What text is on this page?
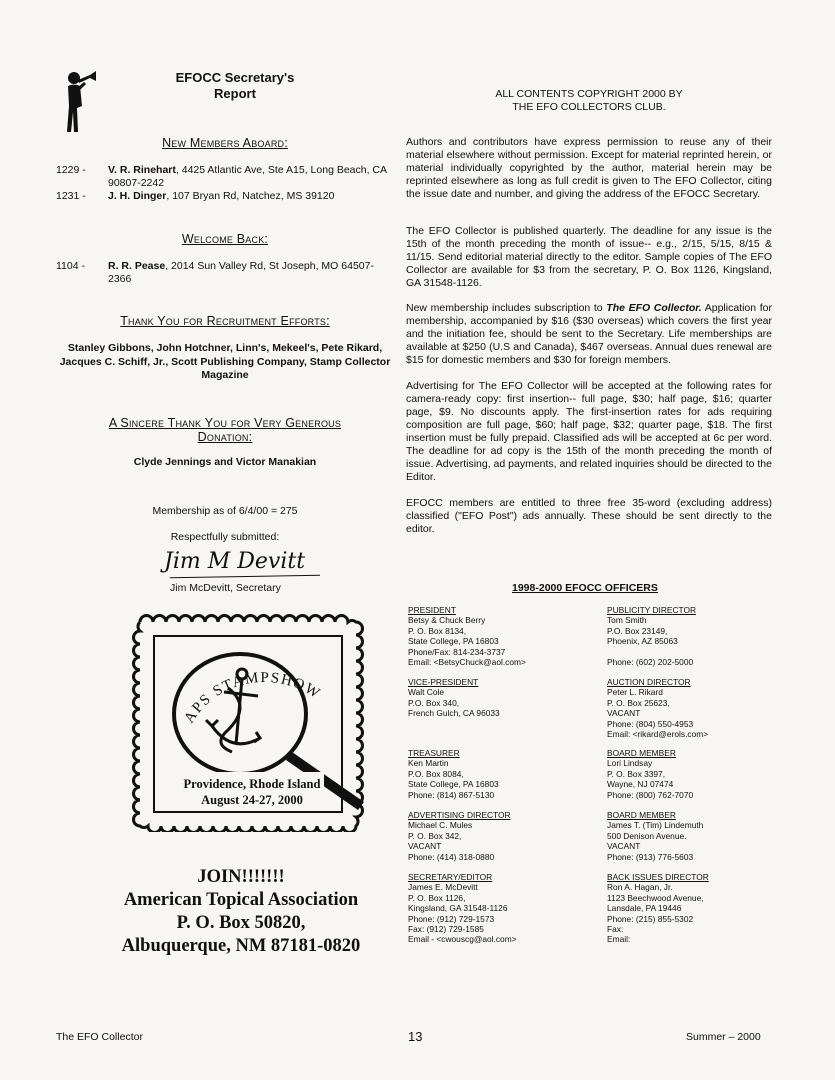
EFOCC Secretary's
Report
New Members Aboard:
1229 -	V. R. Rinehart, 4425 Atlantic Ave, Ste A15, Long Beach, CA 90807-2242
1231 -	J. H. Dinger, 107 Bryan Rd, Natchez, MS 39120
Welcome Back:
1104 -	R. R. Pease, 2014 Sun Valley Rd, St Joseph, MO 64507-2366
Thank You for Recruitment Efforts:
Stanley Gibbons, John Hotchner, Linn's, Mekeel's, Pete Rikard, Jacques C. Schiff, Jr., Scott Publishing Company, Stamp Collector Magazine
A Sincere Thank You for Very Generous
Donation:
Clyde Jennings and Victor Manakian
Membership as of 6/4/00 = 275
Respectfully submitted:
Jim M Devitt
Jim McDevitt, Secretary
APS STAMPSHOW
Providence, Rhode Island
August 24-27, 2000
JOIN!!!!!!!
American Topical Association
P. O. Box 50820,
Albuquerque, NM 87181-0820
ALL CONTENTS COPYRIGHT 2000 BY
THE EFO COLLECTORS CLUB.

Authors and contributors have express permission to reuse any of their material elsewhere without permission. Except for material reprinted herein, or material individually copyrighted by the author, material herein may be reprinted elsewhere as long as full credit is given to The EFO Collector, citing the issue date and number, and giving the address of the EFOCC Secretary.

The EFO Collector is published quarterly. The deadline for any issue is the 15th of the month preceding the month of issue-- e.g., 2/15, 5/15, 8/15 & 11/15. Send editorial material directly to the editor. Sample copies of The EFO Collector are available for $3 from the secretary, P. O. Box 1126, Kingsland, GA 31548-1126.

New membership includes subscription to The EFO Collector. Application for membership, accompanied by $16 ($30 overseas) which covers the first year and the initiation fee, should be sent to the Secretary. Life memberships are available at $250 (U.S and Canada), $467 overseas. Annual dues renewal are $15 for domestic members and $30 for foreign members.

Advertising for The EFO Collector will be accepted at the following rates for camera-ready copy: first insertion-- full page, $30; half page, $16; quarter page, $9. No discounts apply. The first-insertion rates for ads requiring composition are full page, $60; half page, $32; quarter page, $18. The first insertion must be fully prepaid. Classified ads will be accepted at 6c per word. The deadline for ad copy is the 15th of the month preceding the month of issue. Advertising, ad payments, and related inquiries should be directed to the Editor.

EFOCC members are entitled to three free 35-word (excluding address) classified ("EFO Post") ads annually. These should be sent directly to the editor.

1998-2000 EFOCC OFFICERS
PRESIDENT
Betsy & Chuck Berry
P. O. Box 8134,
State College, PA 16803
Phone/Fax: 814-234-3737
Email: <BetsyChuck@aol.com>
PUBLICITY DIRECTOR
Tom Smith
P.O. Box 23149,
Phoenix, AZ 85063
Phone: (602) 202-5000
VICE-PRESIDENT
Walt Cole
P.O. Box 340,
French Gulch, CA 96033
AUCTION DIRECTOR
Peter L. Rikard
P. O. Box 25623,
VACANT
Phone: (804) 550-4953
Email: <rikard@erols.com>
TREASURER
Ken Martin
P.O. Box 8084,
State College, PA 16803
Phone: (814) 867-5130
BOARD MEMBER
Lori Lindsay
P. O. Box 3397,
Wayne, NJ 07474
Phone: (800) 762-7070
ADVERTISING DIRECTOR
Michael C. Mules
P. O. Box 342,
VACANT
Phone: (414) 318-0880
BOARD MEMBER
James T. (Tim) Lindemuth
500 Denison Avenue.
VACANT
Phone: (913) 776-5603
SECRETARY/EDITOR
James E. McDevitt
P. O. Box 1126,
Kingsland, GA 31548-1126
Phone: (912) 729-1573
Fax: (912) 729-1585
Email - <cwouscg@aol.com>
BACK ISSUES DIRECTOR
Ron A. Hagan, Jr.
1123 Beechwood Avenue,
Lansdale, PA 19446
Phone: (215) 855-5302
Fax:
Email:
The EFO Collector	13	Summer – 2000
